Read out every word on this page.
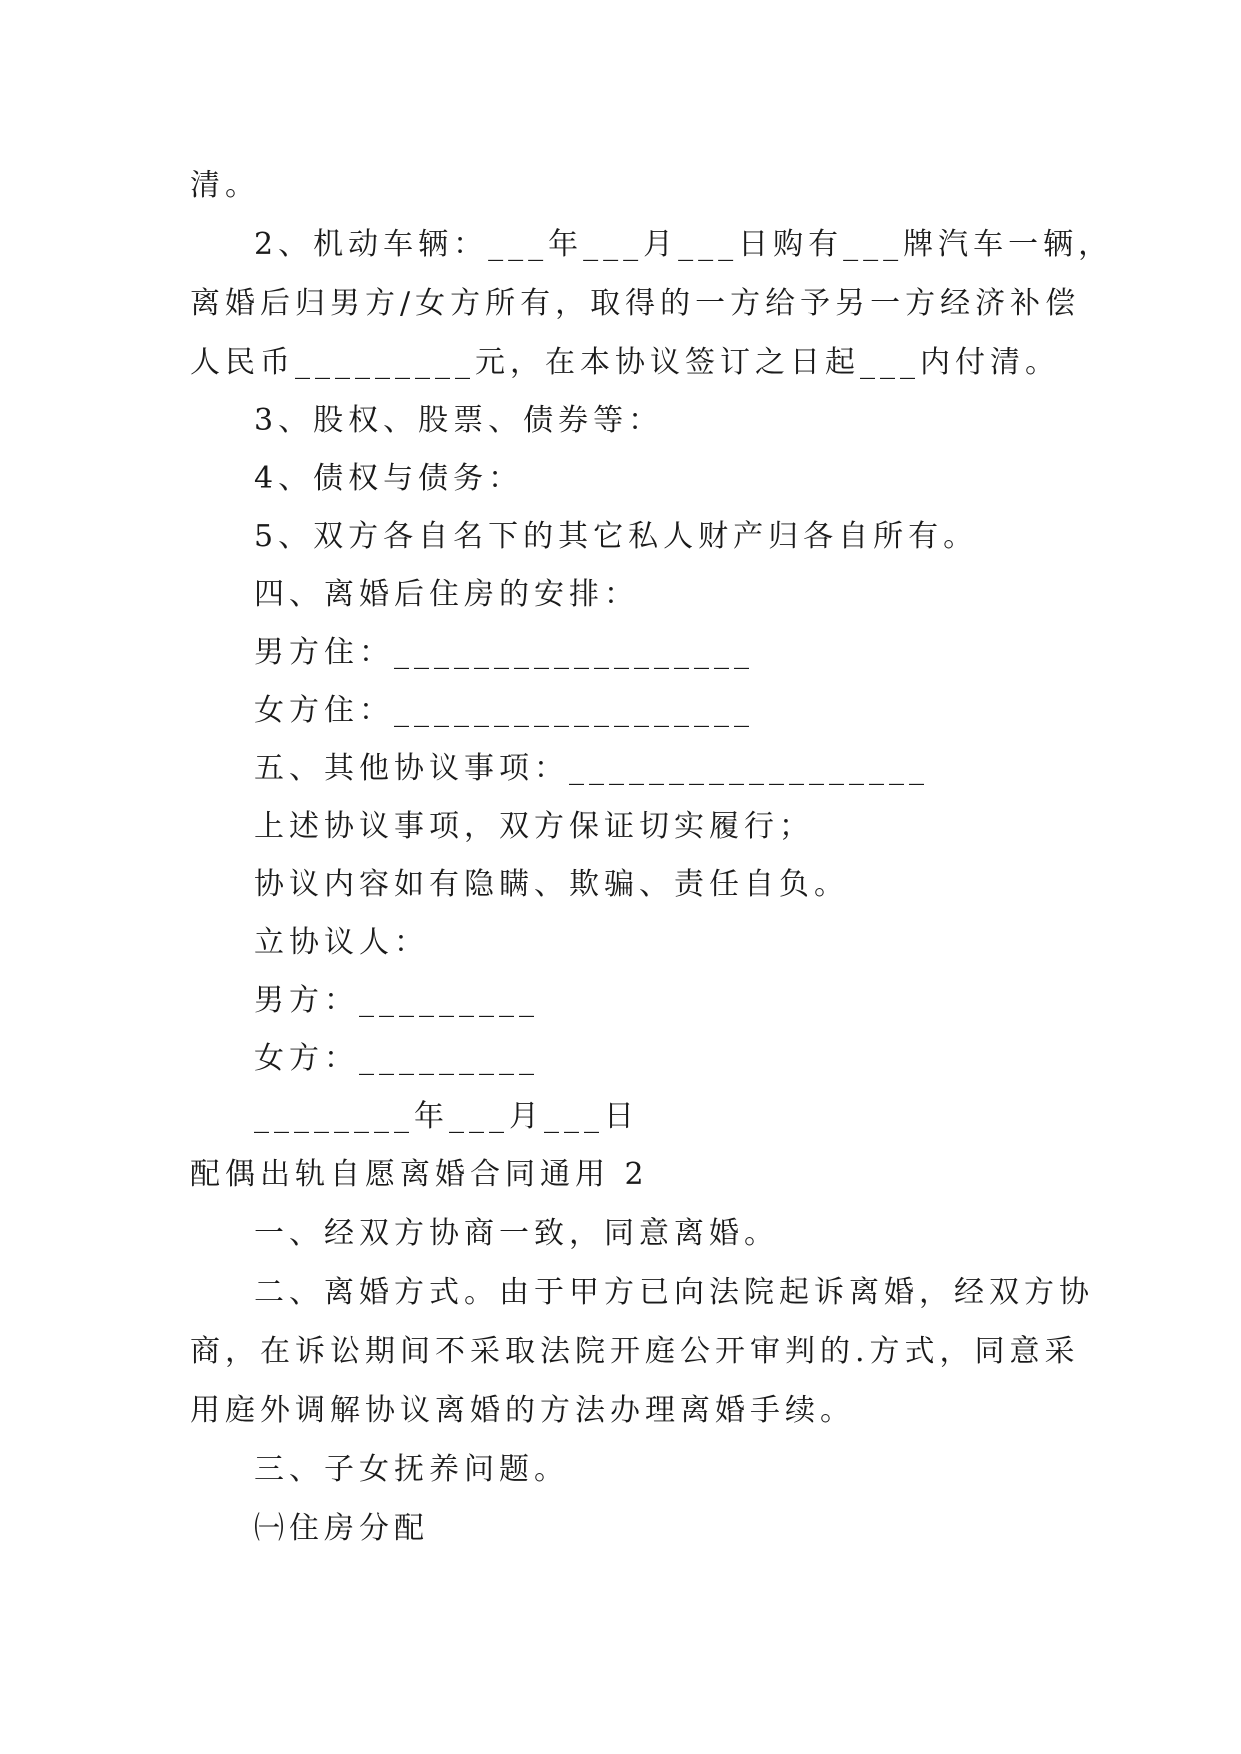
清。
2、机动车辆：___年___月___日购有___牌汽车一辆，
离婚后归男方/女方所有，取得的一方给予另一方经济补偿
人民币_________元，在本协议签订之日起___内付清。
3、股权、股票、债券等：
4、债权与债务：
5、双方各自名下的其它私人财产归各自所有。
四、离婚后住房的安排：
男方住：__________________
女方住：__________________
五、其他协议事项：__________________
上述协议事项，双方保证切实履行；
协议内容如有隐瞒、欺骗、责任自负。
立协议人：
男方：_________
女方：_________
________年___月___日
配偶出轨自愿离婚合同通用 2
一、经双方协商一致，同意离婚。
二、离婚方式。由于甲方已向法院起诉离婚，经双方协
商，在诉讼期间不采取法院开庭公开审判的.方式，同意采
用庭外调解协议离婚的方法办理离婚手续。
三、子女抚养问题。
㈠住房分配
